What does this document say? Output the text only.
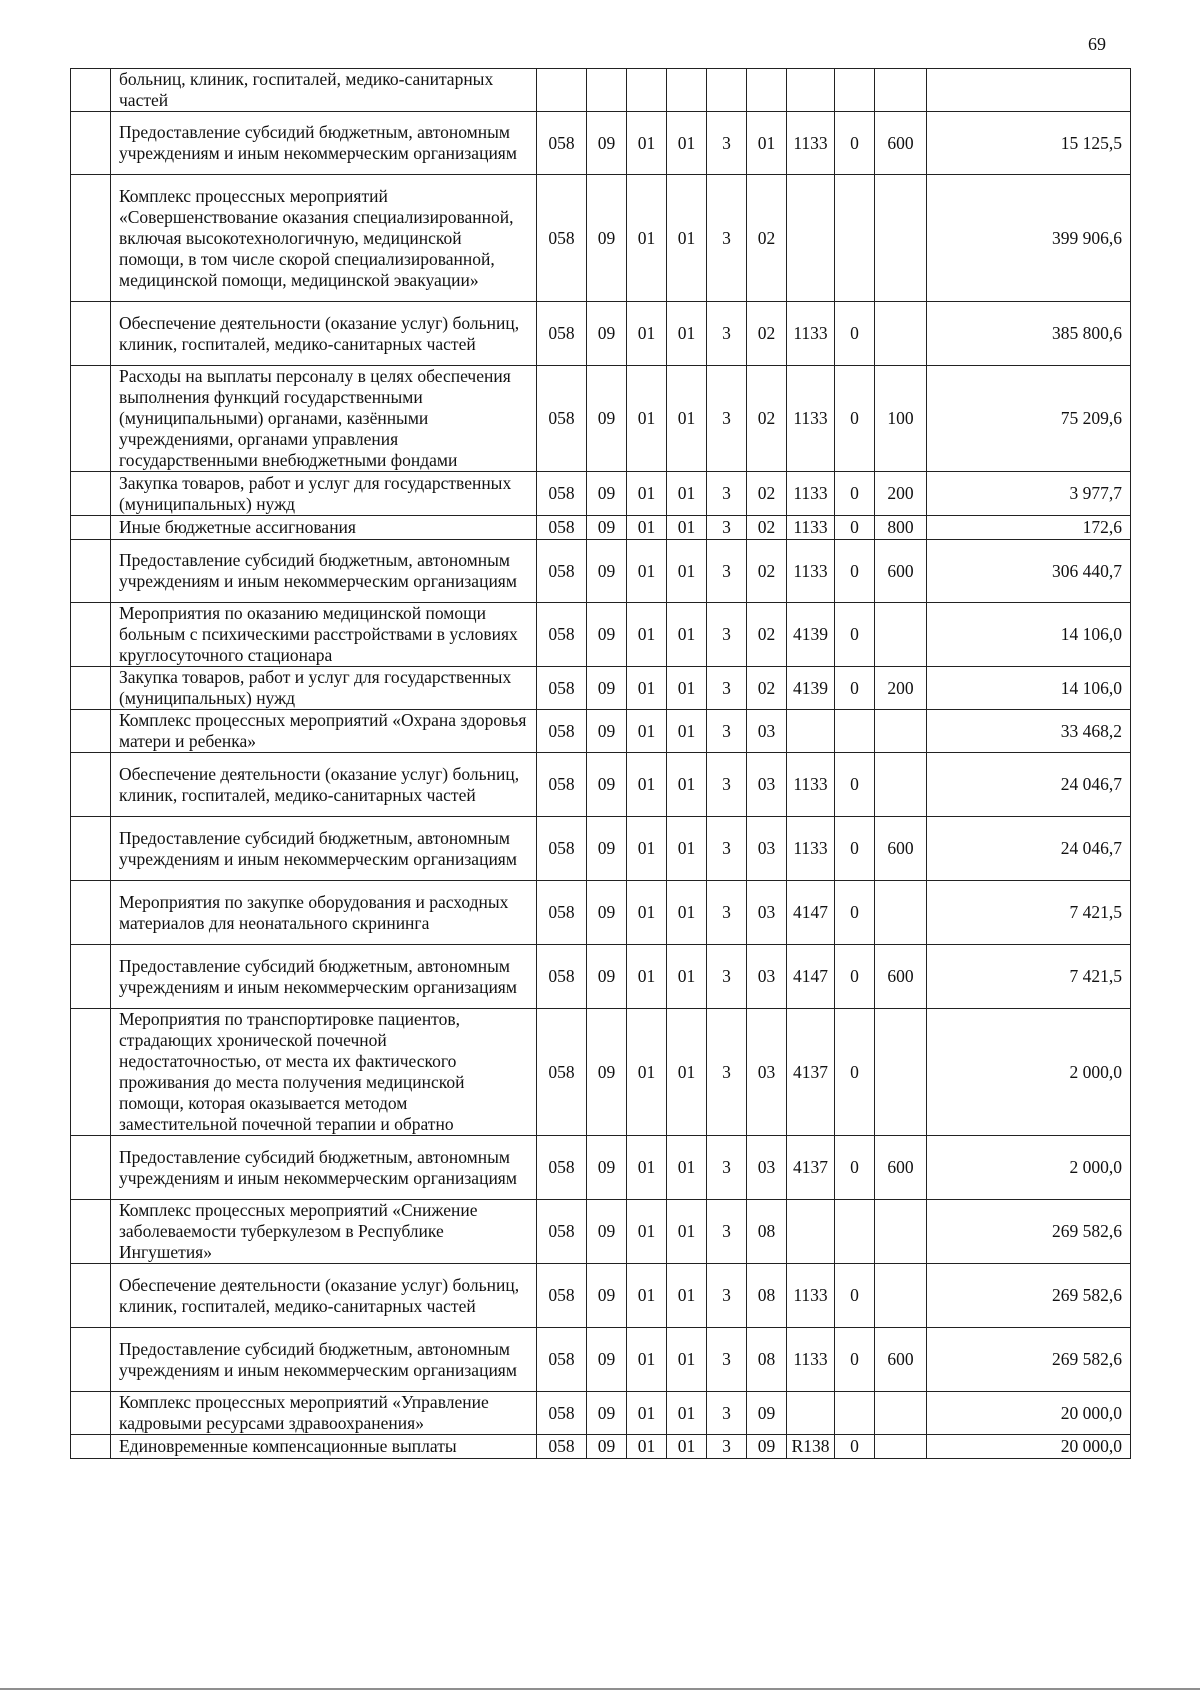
69
	больниц, клиник, госпиталей, медико-санитарных частей										
	Предоставление субсидий бюджетным, автономным учреждениям и иным некоммерческим организациям	058	09	01	01	3	01	1133	0	600	15 125,5
	Комплекс процессных мероприятий «Совершенствование оказания специализированной, включая высокотехнологичную, медицинской помощи, в том числе скорой специализированной, медицинской помощи, медицинской эвакуации»	058	09	01	01	3	02				399 906,6
	Обеспечение деятельности (оказание услуг) больниц, клиник, госпиталей, медико-санитарных частей	058	09	01	01	3	02	1133	0		385 800,6
	Расходы на выплаты персоналу в целях обеспечения выполнения функций государственными (муниципальными) органами, казёнными учреждениями, органами управления государственными внебюджетными фондами	058	09	01	01	3	02	1133	0	100	75 209,6
	Закупка товаров, работ и услуг для государственных (муниципальных) нужд	058	09	01	01	3	02	1133	0	200	3 977,7
	Иные бюджетные ассигнования	058	09	01	01	3	02	1133	0	800	172,6
	Предоставление субсидий бюджетным, автономным учреждениям и иным некоммерческим организациям	058	09	01	01	3	02	1133	0	600	306 440,7
	Мероприятия по оказанию медицинской помощи больным с психическими расстройствами в условиях круглосуточного стационара	058	09	01	01	3	02	4139	0		14 106,0
	Закупка товаров, работ и услуг для государственных (муниципальных) нужд	058	09	01	01	3	02	4139	0	200	14 106,0
	Комплекс процессных мероприятий «Охрана здоровья матери и ребенка»	058	09	01	01	3	03				33 468,2
	Обеспечение деятельности (оказание услуг) больниц, клиник, госпиталей, медико-санитарных частей	058	09	01	01	3	03	1133	0		24 046,7
	Предоставление субсидий бюджетным, автономным учреждениям и иным некоммерческим организациям	058	09	01	01	3	03	1133	0	600	24 046,7
	Мероприятия по закупке оборудования и расходных материалов для неонатального скрининга	058	09	01	01	3	03	4147	0		7 421,5
	Предоставление субсидий бюджетным, автономным учреждениям и иным некоммерческим организациям	058	09	01	01	3	03	4147	0	600	7 421,5
	Мероприятия по транспортировке пациентов, страдающих хронической почечной недостаточностью, от места их фактического проживания до места получения медицинской помощи, которая оказывается методом заместительной почечной терапии и обратно	058	09	01	01	3	03	4137	0		2 000,0
	Предоставление субсидий бюджетным, автономным учреждениям и иным некоммерческим организациям	058	09	01	01	3	03	4137	0	600	2 000,0
	Комплекс процессных мероприятий «Снижение заболеваемости туберкулезом в Республике Ингушетия»	058	09	01	01	3	08				269 582,6
	Обеспечение деятельности (оказание услуг) больниц, клиник, госпиталей, медико-санитарных частей	058	09	01	01	3	08	1133	0		269 582,6
	Предоставление субсидий бюджетным, автономным учреждениям и иным некоммерческим организациям	058	09	01	01	3	08	1133	0	600	269 582,6
	Комплекс процессных мероприятий «Управление кадровыми ресурсами здравоохранения»	058	09	01	01	3	09				20 000,0
	Единовременные компенсационные выплаты	058	09	01	01	3	09	R138	0		20 000,0
